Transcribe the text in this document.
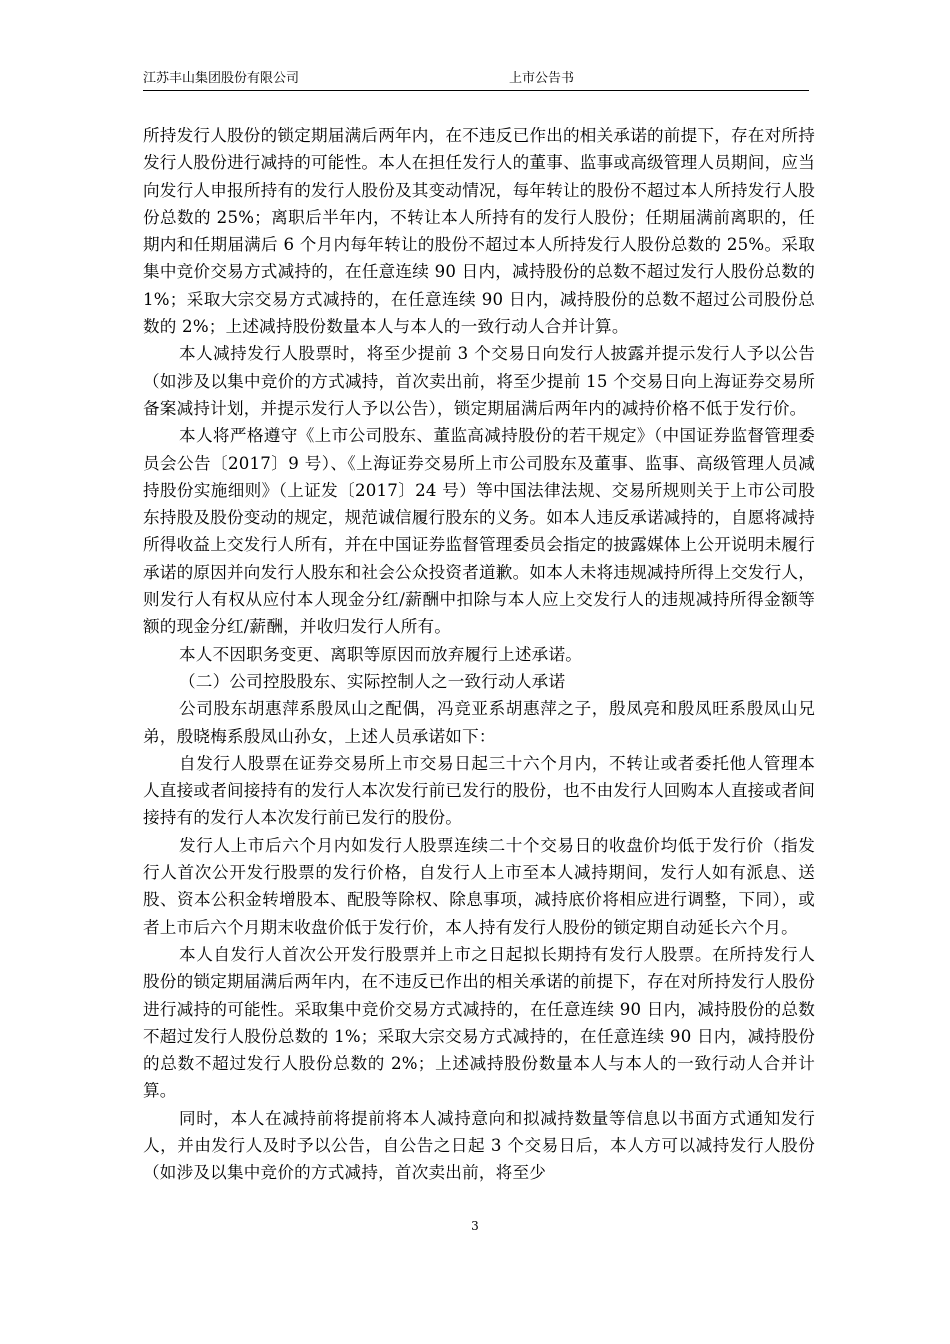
江苏丰山集团股份有限公司	上市公告书

所持发行人股份的锁定期届满后两年内，在不违反已作出的相关承诺的前提下，存在对所持发行人股份进行减持的可能性。本人在担任发行人的董事、监事或高级管理人员期间，应当向发行人申报所持有的发行人股份及其变动情况，每年转让的股份不超过本人所持发行人股份总数的 25%；离职后半年内，不转让本人所持有的发行人股份；任期届满前离职的，任期内和任期届满后 6 个月内每年转让的股份不超过本人所持发行人股份总数的 25%。采取集中竞价交易方式减持的，在任意连续 90 日内，减持股份的总数不超过发行人股份总数的 1%；采取大宗交易方式减持的，在任意连续 90 日内，减持股份的总数不超过公司股份总数的 2%；上述减持股份数量本人与本人的一致行动人合并计算。

本人减持发行人股票时，将至少提前 3 个交易日向发行人披露并提示发行人予以公告（如涉及以集中竞价的方式减持，首次卖出前，将至少提前 15 个交易日向上海证券交易所备案减持计划，并提示发行人予以公告），锁定期届满后两年内的减持价格不低于发行价。

本人将严格遵守《上市公司股东、董监高减持股份的若干规定》（中国证券监督管理委员会公告〔2017〕9 号）、《上海证券交易所上市公司股东及董事、监事、高级管理人员减持股份实施细则》（上证发〔2017〕24 号）等中国法律法规、交易所规则关于上市公司股东持股及股份变动的规定，规范诚信履行股东的义务。如本人违反承诺减持的，自愿将减持所得收益上交发行人所有，并在中国证券监督管理委员会指定的披露媒体上公开说明未履行承诺的原因并向发行人股东和社会公众投资者道歉。如本人未将违规减持所得上交发行人，则发行人有权从应付本人现金分红/薪酬中扣除与本人应上交发行人的违规减持所得金额等额的现金分红/薪酬，并收归发行人所有。

本人不因职务变更、离职等原因而放弃履行上述承诺。

（二）公司控股股东、实际控制人之一致行动人承诺

公司股东胡惠萍系殷凤山之配偶，冯竞亚系胡惠萍之子，殷凤亮和殷凤旺系殷凤山兄弟，殷晓梅系殷凤山孙女，上述人员承诺如下：

自发行人股票在证券交易所上市交易日起三十六个月内，不转让或者委托他人管理本人直接或者间接持有的发行人本次发行前已发行的股份，也不由发行人回购本人直接或者间接持有的发行人本次发行前已发行的股份。

发行人上市后六个月内如发行人股票连续二十个交易日的收盘价均低于发行价（指发行人首次公开发行股票的发行价格，自发行人上市至本人减持期间，发行人如有派息、送股、资本公积金转增股本、配股等除权、除息事项，减持底价将相应进行调整，下同），或者上市后六个月期末收盘价低于发行价，本人持有发行人股份的锁定期自动延长六个月。

本人自发行人首次公开发行股票并上市之日起拟长期持有发行人股票。在所持发行人股份的锁定期届满后两年内，在不违反已作出的相关承诺的前提下，存在对所持发行人股份进行减持的可能性。采取集中竞价交易方式减持的，在任意连续 90 日内，减持股份的总数不超过发行人股份总数的 1%；采取大宗交易方式减持的，在任意连续 90 日内，减持股份的总数不超过发行人股份总数的 2%；上述减持股份数量本人与本人的一致行动人合并计算。

同时，本人在减持前将提前将本人减持意向和拟减持数量等信息以书面方式通知发行人，并由发行人及时予以公告，自公告之日起 3 个交易日后，本人方可以减持发行人股份（如涉及以集中竞价的方式减持，首次卖出前，将至少

3
